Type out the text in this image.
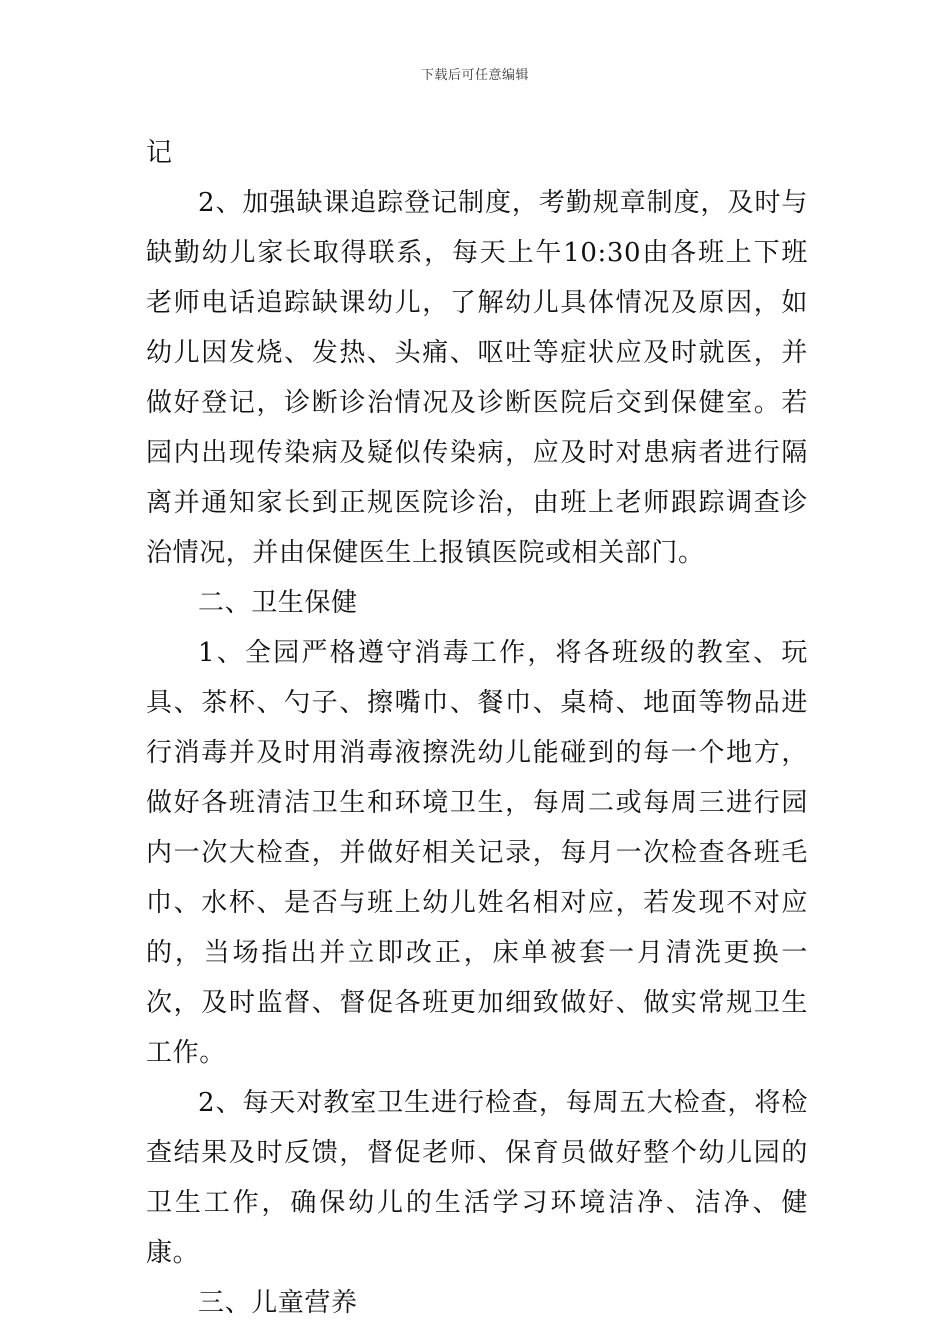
下载后可任意编辑

记

2、加强缺课追踪登记制度，考勤规章制度，及时与缺勤幼儿家长取得联系，每天上午10:30由各班上下班老师电话追踪缺课幼儿，了解幼儿具体情况及原因，如幼儿因发烧、发热、头痛、呕吐等症状应及时就医，并做好登记，诊断诊治情况及诊断医院后交到保健室。若园内出现传染病及疑似传染病，应及时对患病者进行隔离并通知家长到正规医院诊治，由班上老师跟踪调查诊治情况，并由保健医生上报镇医院或相关部门。

二、卫生保健

1、全园严格遵守消毒工作，将各班级的教室、玩具、茶杯、勺子、擦嘴巾、餐巾、桌椅、地面等物品进行消毒并及时用消毒液擦洗幼儿能碰到的每一个地方，做好各班清洁卫生和环境卫生，每周二或每周三进行园内一次大检查，并做好相关记录，每月一次检查各班毛巾、水杯、是否与班上幼儿姓名相对应，若发现不对应的，当场指出并立即改正，床单被套一月清洗更换一次，及时监督、督促各班更加细致做好、做实常规卫生工作。

2、每天对教室卫生进行检查，每周五大检查，将检查结果及时反馈，督促老师、保育员做好整个幼儿园的卫生工作，确保幼儿的生活学习环境洁净、洁净、健康。

三、儿童营养
